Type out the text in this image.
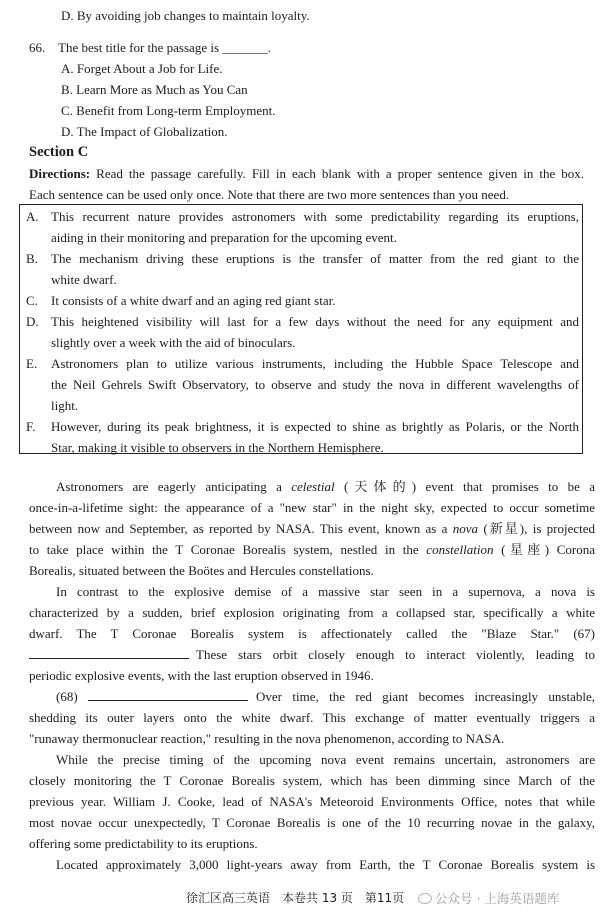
D. By avoiding job changes to maintain loyalty.
66. The best title for the passage is _______.
A. Forget About a Job for Life.
B. Learn More as Much as You Can
C. Benefit from Long-term Employment.
D. The Impact of Globalization.
Section C
Directions: Read the passage carefully. Fill in each blank with a proper sentence given in the box.
Each sentence can be used only once. Note that there are two more sentences than you need.
A. This recurrent nature provides astronomers with some predictability regarding its eruptions,
aiding in their monitoring and preparation for the upcoming event.
B. The mechanism driving these eruptions is the transfer of matter from the red giant to the
white dwarf.
C. It consists of a white dwarf and an aging red giant star.
D. This heightened visibility will last for a few days without the need for any equipment and
slightly over a week with the aid of binoculars.
E. Astronomers plan to utilize various instruments, including the Hubble Space Telescope and
the Neil Gehrels Swift Observatory, to observe and study the nova in different wavelengths of
light.
F. However, during its peak brightness, it is expected to shine as brightly as Polaris, or the North
Star, making it visible to observers in the Northern Hemisphere.
Astronomers are eagerly anticipating a celestial (天体的) event that promises to be a
once-in-a-lifetime sight: the appearance of a "new star" in the night sky, expected to occur sometime
between now and September, as reported by NASA. This event, known as a nova (新星), is projected
to take place within the T Coronae Borealis system, nestled in the constellation (星座) Corona
Borealis, situated between the Boötes and Hercules constellations.
In contrast to the explosive demise of a massive star seen in a supernova, a nova is
characterized by a sudden, brief explosion originating from a collapsed star, specifically a white
dwarf. The T Coronae Borealis system is affectionately called the "Blaze Star." (67)
These stars orbit closely enough to interact violently, leading to
periodic explosive events, with the last eruption observed in 1946.
(68)	Over time, the red giant becomes increasingly unstable,
shedding its outer layers onto the white dwarf. This exchange of matter eventually triggers a
"runaway thermonuclear reaction," resulting in the nova phenomenon, according to NASA.
While the precise timing of the upcoming nova event remains uncertain, astronomers are
closely monitoring the T Coronae Borealis system, which has been dimming since March of the
previous year. William J. Cooke, lead of NASA's Meteoroid Environments Office, notes that while
most novae occur unexpectedly, T Coronae Borealis is one of the 10 recurring novae in the galaxy,
offering some predictability to its eruptions.
Located approximately 3,000 light-years away from Earth, the T Coronae Borealis system is
徐汇区高三英语　本卷共 13 页　第11页	公众号 · 上海英语题库
